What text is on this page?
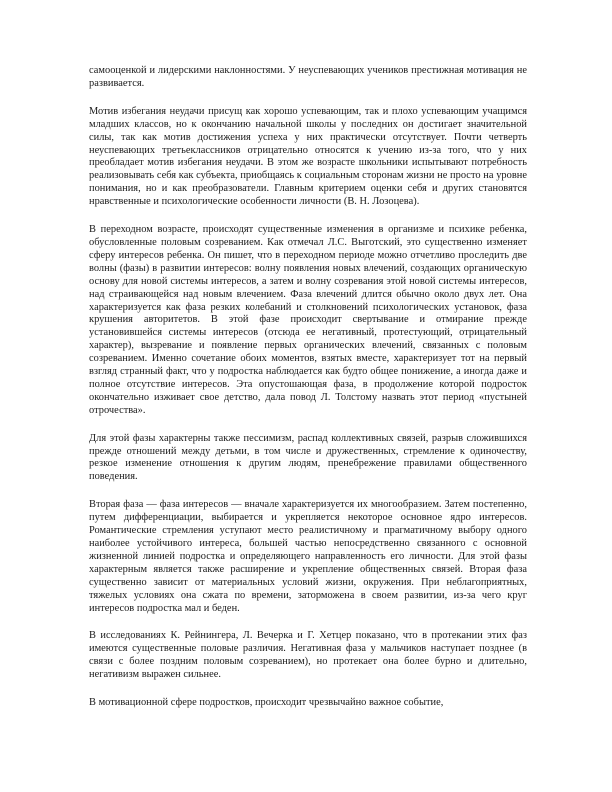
самооценкой и лидерскими наклонностями. У неуспевающих учеников престижная мотивация не развивается.

Мотив избегания неудачи присущ как хорошо успевающим, так и плохо успевающим учащимся младших классов, но к окончанию начальной школы у последних он достигает значительной силы, так как мотив достижения успеха у них практически отсутствует. Почти четверть неуспевающих третьеклассников отрицательно относятся к учению из-за того, что у них преобладает мотив избегания неудачи. В этом же возрасте школьники испытывают потребность реализовывать себя как субъекта, приобщаясь к социальным сторонам жизни не просто на уровне понимания, но и как преобразователи. Главным критерием оценки себя и других становятся нравственные и психологические особенности личности (В. Н. Лозоцева).

В переходном возрасте, происходят существенные изменения в организме и психике ребенка, обусловленные половым созреванием. Как отмечал Л.С. Выготский, это существенно изменяет сферу интересов ребенка. Он пишет, что в переходном периоде можно отчетливо проследить две волны (фазы) в развитии интересов: волну появления новых влечений, создающих органическую основу для новой системы интересов, а затем и волну созревания этой новой системы интересов, над страивающейся над новым влечением. Фаза влечений длится обычно около двух лет. Она характеризуется как фаза резких колебаний и столкновений психологических установок, фаза крушения авторитетов. В этой фазе происходит свертывание и отмирание прежде установившейся системы интересов (отсюда ее негативный, протестующий, отрицательный характер), вызревание и появление первых органических влечений, связанных с половым созреванием. Именно сочетание обоих моментов, взятых вместе, характеризует тот на первый взгляд странный факт, что у подростка наблюдается как будто общее понижение, а иногда даже и полное отсутствие интересов. Эта опустошающая фаза, в продолжение которой подросток окончательно изживает свое детство, дала повод Л. Толстому назвать этот период «пустыней отрочества».

Для этой фазы характерны также пессимизм, распад коллективных связей, разрыв сложившихся прежде отношений между детьми, в том числе и дружественных, стремление к одиночеству, резкое изменение отношения к другим людям, пренебрежение правилами общественного поведения.

Вторая фаза — фаза интересов — вначале характеризуется их многообразием. Затем постепенно, путем дифференциации, выбирается и укрепляется некоторое основное ядро интересов. Романтические стремления уступают место реалистичному и прагматичному выбору одного наиболее устойчивого интереса, большей частью непосредственно связанного с основной жизненной линией подростка и определяющего направленность его личности. Для этой фазы характерным является также расширение и укрепление общественных связей. Вторая фаза существенно зависит от материальных условий жизни, окружения. При неблагоприятных, тяжелых условиях она сжата по времени, заторможена в своем развитии, из-за чего круг интересов подростка мал и беден.

В исследованиях К. Рейнингера, Л. Вечерка и Г. Хетцер показано, что в протекании этих фаз имеются существенные половые различия. Негативная фаза у мальчиков наступает позднее (в связи с более поздним половым созреванием), но протекает она более бурно и длительно, негативизм выражен сильнее.

В мотивационной сфере подростков, происходит чрезвычайно важное событие,
